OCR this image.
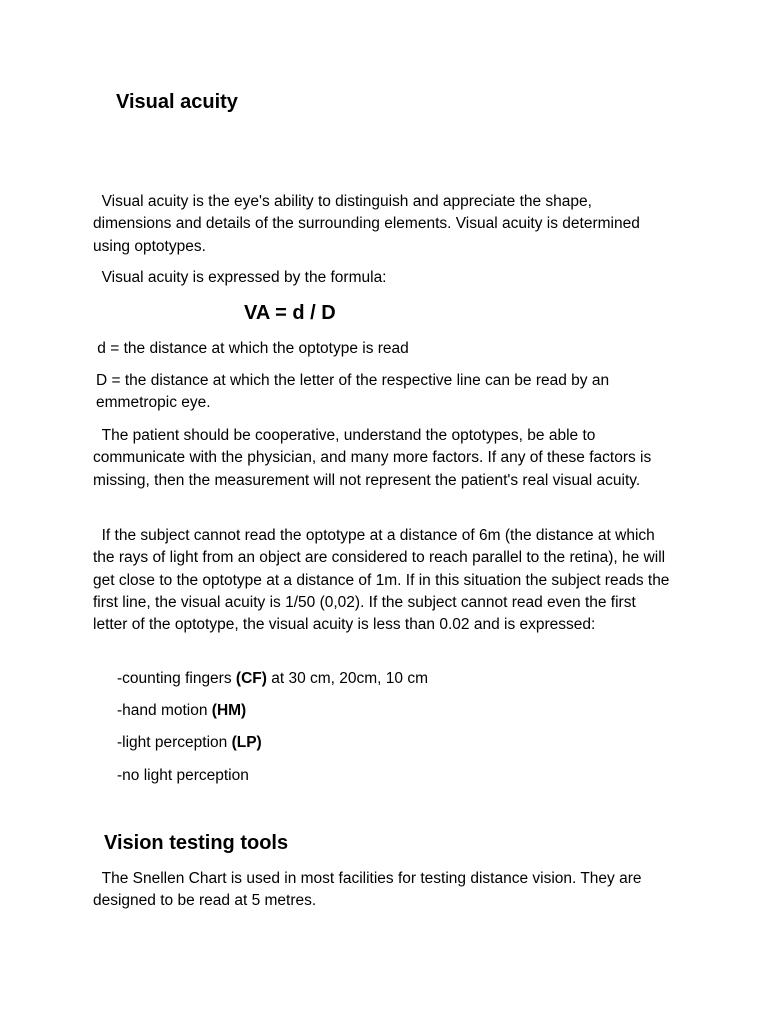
Visual acuity

Visual acuity is the eye's ability to distinguish and appreciate the shape, dimensions and details of the surrounding elements. Visual acuity is determined using optotypes.

Visual acuity is expressed by the formula:

VA = d / D

d = the distance at which the optotype is read

D = the distance at which the letter of the respective line can be read by an emmetropic eye.

The patient should be cooperative, understand the optotypes, be able to communicate with the physician, and many more factors. If any of these factors is missing, then the measurement will not represent the patient's real visual acuity.

If the subject cannot read the optotype at a distance of 6m (the distance at which the rays of light from an object are considered to reach parallel to the retina), he will get close to the optotype at a distance of 1m. If in this situation the subject reads the first line, the visual acuity is 1/50 (0,02). If the subject cannot read even the first letter of the optotype, the visual acuity is less than 0.02 and is expressed:

-counting fingers (CF) at 30 cm, 20cm, 10 cm

-hand motion (HM)

-light perception (LP)

-no light perception

Vision testing tools

The Snellen Chart is used in most facilities for testing distance vision. They are designed to be read at 5 metres.
